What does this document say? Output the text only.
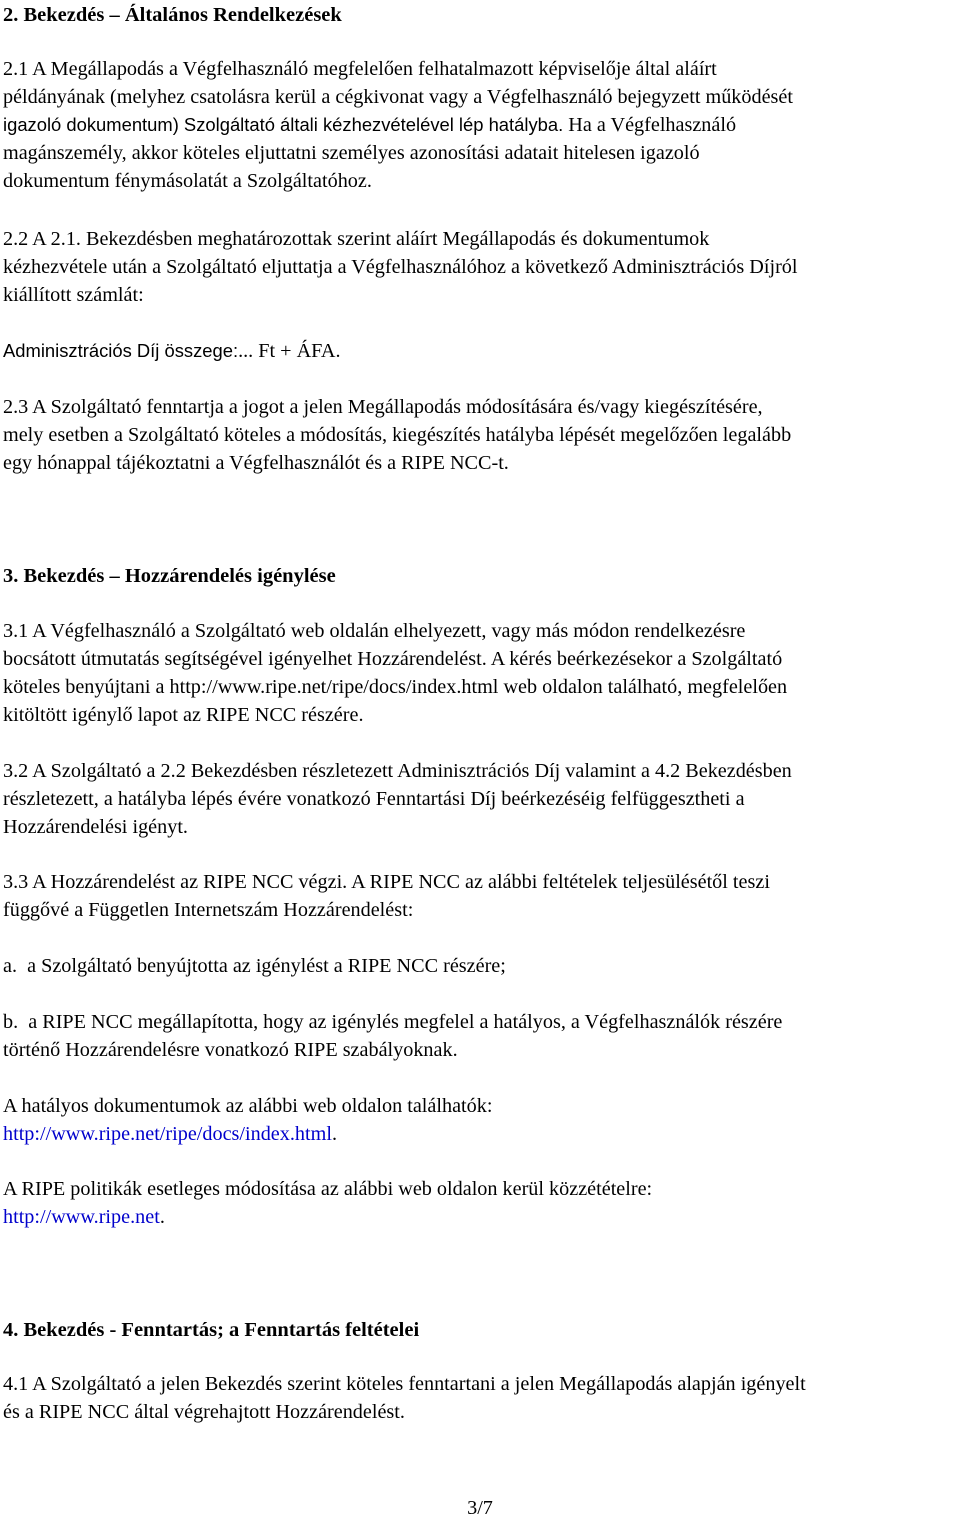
2. Bekezdés – Általános Rendelkezések
2.1 A Megállapodás a Végfelhasználó megfelelően felhatalmazott képviselője által aláírt
példányának (melyhez csatolásra kerül a cégkivonat vagy a Végfelhasználó bejegyzett működését
igazoló dokumentum) Szolgáltató általi kézhezvételével lép hatályba. Ha a Végfelhasználó
magánszemély, akkor köteles eljuttatni személyes azonosítási adatait hitelesen igazoló
dokumentum fénymásolatát a Szolgáltatóhoz.
2.2 A 2.1. Bekezdésben meghatározottak szerint aláírt Megállapodás és dokumentumok
kézhezvétele után a Szolgáltató eljuttatja a Végfelhasználóhoz a következő Adminisztrációs Díjról
kiállított számlát:
Adminisztrációs Díj összege:... Ft + ÁFA.
2.3 A Szolgáltató fenntartja a jogot a jelen Megállapodás módosítására és/vagy kiegészítésére,
mely esetben a Szolgáltató köteles a módosítás, kiegészítés hatályba lépését megelőzően legalább
egy hónappal tájékoztatni a Végfelhasználót és a RIPE NCC-t.
3. Bekezdés – Hozzárendelés igénylése
3.1 A Végfelhasználó a Szolgáltató web oldalán elhelyezett, vagy más módon rendelkezésre
bocsátott útmutatás segítségével igényelhet Hozzárendelést. A kérés beérkezésekor a Szolgáltató
köteles benyújtani a http://www.ripe.net/ripe/docs/index.html web oldalon található, megfelelően
kitöltött igénylő lapot az RIPE NCC részére.
3.2 A Szolgáltató a 2.2 Bekezdésben részletezett Adminisztrációs Díj valamint a 4.2 Bekezdésben
részletezett, a hatályba lépés évére vonatkozó Fenntartási Díj beérkezéséig felfüggesztheti a
Hozzárendelési igényt.
3.3 A Hozzárendelést az RIPE NCC végzi. A RIPE NCC az alábbi feltételek teljesülésétől teszi
függővé a Független Internetszám Hozzárendelést:
a.  a Szolgáltató benyújtotta az igénylést a RIPE NCC részére;
b.  a RIPE NCC megállapította, hogy az igénylés megfelel a hatályos, a Végfelhasználók részére
történő Hozzárendelésre vonatkozó RIPE szabályoknak.
A hatályos dokumentumok az alábbi web oldalon találhatók:
http://www.ripe.net/ripe/docs/index.html.
A RIPE politikák esetleges módosítása az alábbi web oldalon kerül közzétételre:
http://www.ripe.net.
4. Bekezdés - Fenntartás; a Fenntartás feltételei
4.1 A Szolgáltató a jelen Bekezdés szerint köteles fenntartani a jelen Megállapodás alapján igényelt
és a RIPE NCC által végrehajtott Hozzárendelést.
3/7
